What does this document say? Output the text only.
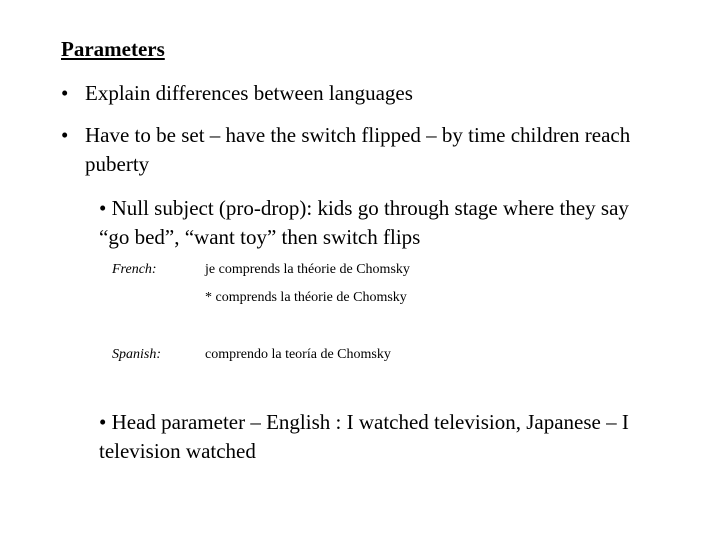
Parameters
• Explain differences between languages
• Have to be set – have the switch flipped – by time children reach puberty
• Null subject (pro-drop): kids go through stage where they say “go bed”, “want toy” then switch flips
French:	je comprends la théorie de Chomsky
* comprends la théorie de Chomsky
Spanish:	comprendo la teoría de Chomsky
• Head parameter – English : I watched television, Japanese – I television watched
